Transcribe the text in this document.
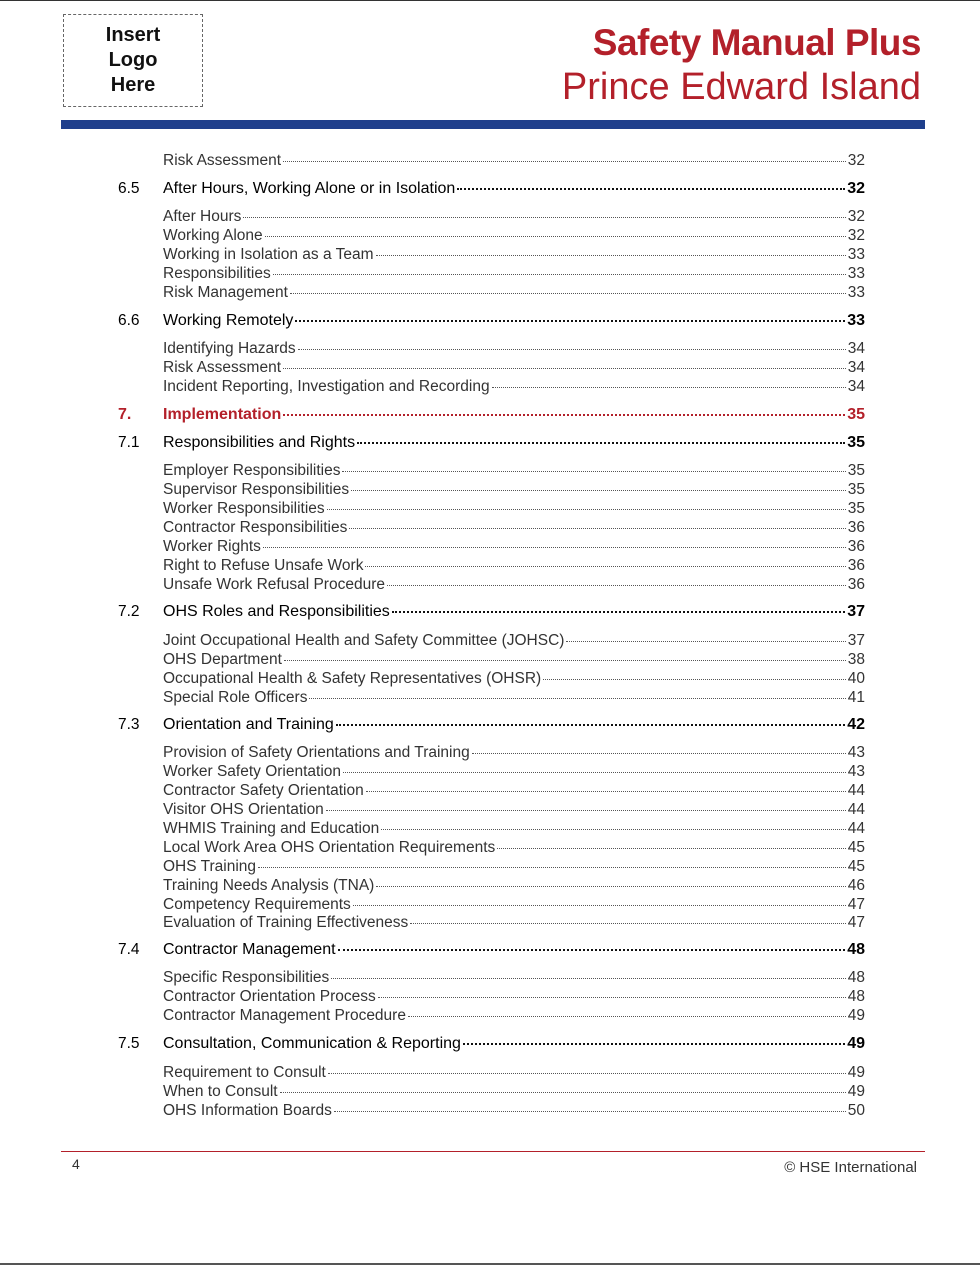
Insert
Logo
Here
Safety Manual Plus
Prince Edward Island
Risk Assessment	32
6.5	After Hours, Working Alone or in Isolation	32
After Hours	32
Working Alone	32
Working in Isolation as a Team	33
Responsibilities	33
Risk Management	33
6.6	Working Remotely	33
Identifying Hazards	34
Risk Assessment	34
Incident Reporting, Investigation and Recording	34
7.	Implementation	35
7.1	Responsibilities and Rights	35
Employer Responsibilities	35
Supervisor Responsibilities	35
Worker Responsibilities	35
Contractor Responsibilities	36
Worker Rights	36
Right to Refuse Unsafe Work	36
Unsafe Work Refusal Procedure	36
7.2	OHS Roles and Responsibilities	37
Joint Occupational Health and Safety Committee (JOHSC)	37
OHS Department	38
Occupational Health & Safety Representatives (OHSR)	40
Special Role Officers	41
7.3	Orientation and Training	42
Provision of Safety Orientations and Training	43
Worker Safety Orientation	43
Contractor Safety Orientation	44
Visitor OHS Orientation	44
WHMIS Training and Education	44
Local Work Area OHS Orientation Requirements	45
OHS Training	45
Training Needs Analysis (TNA)	46
Competency Requirements	47
Evaluation of Training Effectiveness	47
7.4	Contractor Management	48
Specific Responsibilities	48
Contractor Orientation Process	48
Contractor Management Procedure	49
7.5	Consultation, Communication & Reporting	49
Requirement to Consult	49
When to Consult	49
OHS Information Boards	50
4	© HSE International
